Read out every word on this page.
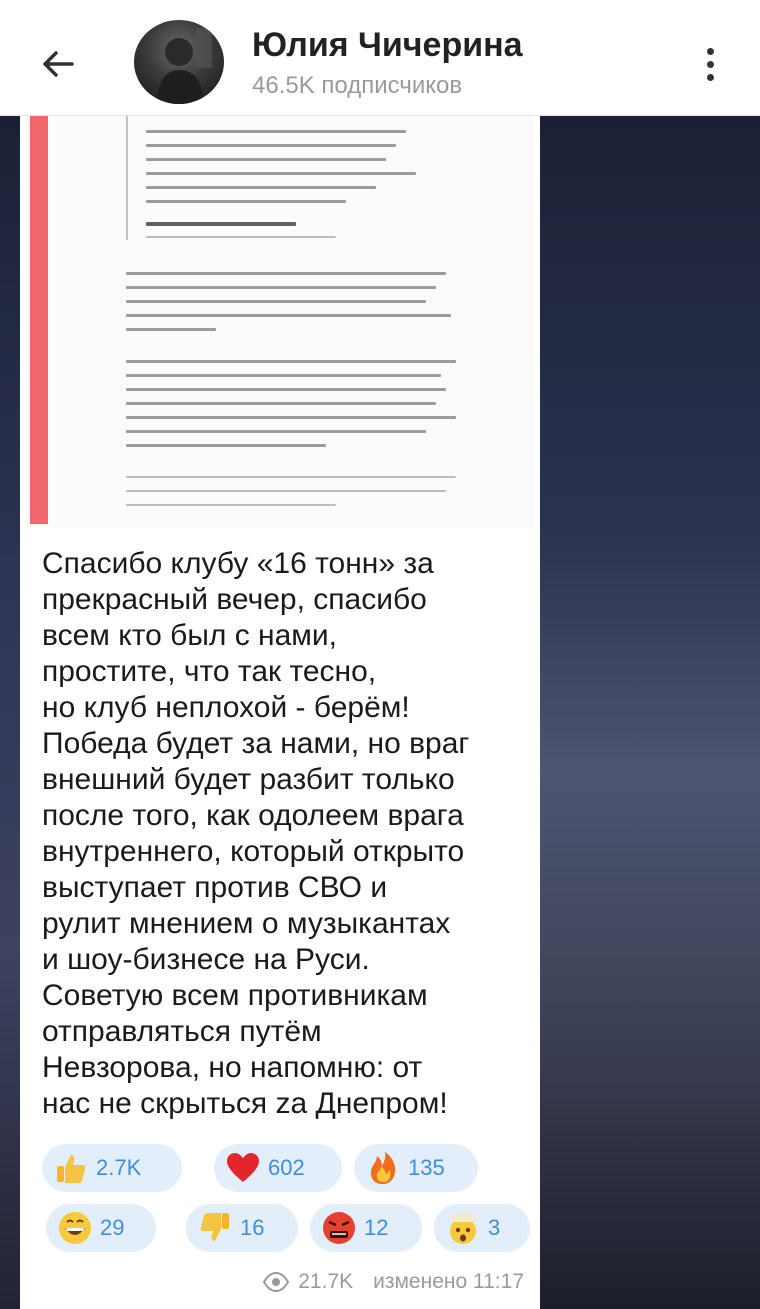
Юлия Чичерина
46.5K подписчиков
Спасибо клубу «16 тонн» за
прекрасный вечер, спасибо
всем кто был с нами,
простите, что так тесно,
но клуб неплохой - берём!
Победа будет за нами, но враг
внешний будет разбит только
после того, как одолеем врага
внутреннего, который открыто
выступает против СВО и
рулит мнением о музыкантах
и шоу-бизнесе на Руси.
Советую всем противникам
отправляться путём
Невзорова, но напомню: от
нас не скрыться za Днепром!
2.7K	602	135
29	16	12	3
21.7K изменено 11:17
